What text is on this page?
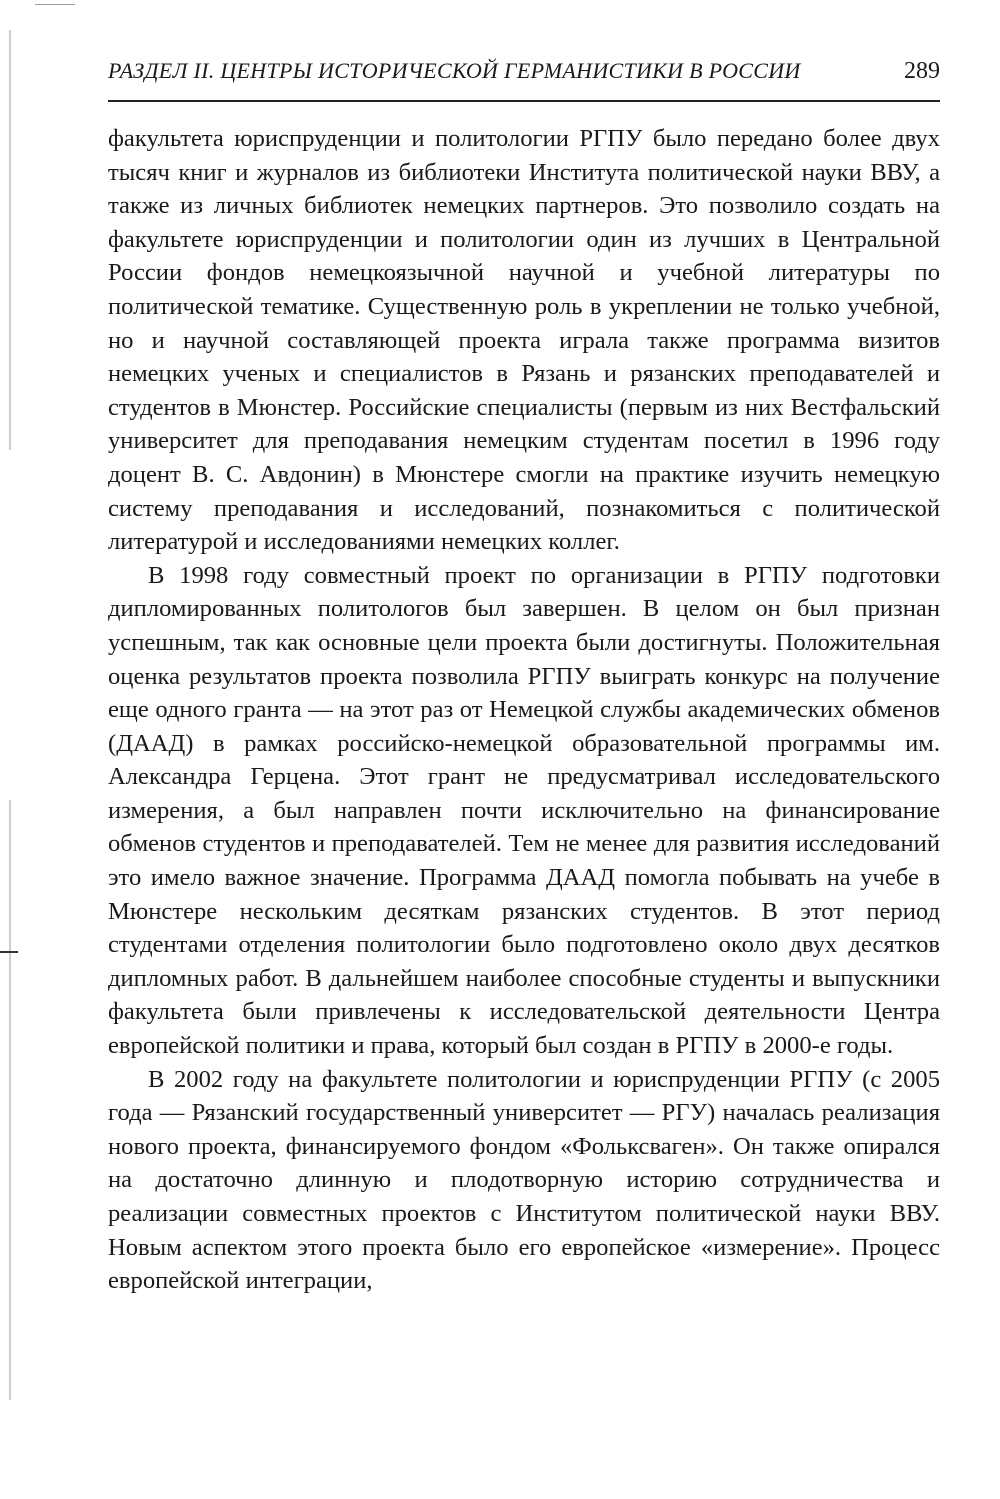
РАЗДЕЛ II. ЦЕНТРЫ ИСТОРИЧЕСКОЙ ГЕРМАНИСТИКИ В РОССИИ	289

факультета юриспруденции и политологии РГПУ было передано более двух тысяч книг и журналов из библиотеки Института политической науки ВВУ, а также из личных библиотек немецких партнеров. Это позволило создать на факультете юриспруденции и политологии один из лучших в Центральной России фондов немецкоязычной научной и учебной литературы по политической тематике. Существенную роль в укреплении не только учебной, но и научной составляющей проекта играла также программа визитов немецких ученых и специалистов в Рязань и рязанских преподавателей и студентов в Мюнстер. Российские специалисты (первым из них Вестфальский университет для преподавания немецким студентам посетил в 1996 году доцент В. С. Авдонин) в Мюнстере смогли на практике изучить немецкую систему преподавания и исследований, познакомиться с политической литературой и исследованиями немецких коллег.

В 1998 году совместный проект по организации в РГПУ подготовки дипломированных политологов был завершен. В целом он был признан успешным, так как основные цели проекта были достигнуты. Положительная оценка результатов проекта позволила РГПУ выиграть конкурс на получение еще одного гранта — на этот раз от Немецкой службы академических обменов (ДААД) в рамках российско-немецкой образовательной программы им. Александра Герцена. Этот грант не предусматривал исследовательского измерения, а был направлен почти исключительно на финансирование обменов студентов и преподавателей. Тем не менее для развития исследований это имело важное значение. Программа ДААД помогла побывать на учебе в Мюнстере нескольким десяткам рязанских студентов. В этот период студентами отделения политологии было подготовлено около двух десятков дипломных работ. В дальнейшем наиболее способные студенты и выпускники факультета были привлечены к исследовательской деятельности Центра европейской политики и права, который был создан в РГПУ в 2000-е годы.

В 2002 году на факультете политологии и юриспруденции РГПУ (с 2005 года — Рязанский государственный университет — РГУ) началась реализация нового проекта, финансируемого фондом «Фольксваген». Он также опирался на достаточно длинную и плодотворную историю сотрудничества и реализации совместных проектов с Институтом политической науки ВВУ. Новым аспектом этого проекта было его европейское «измерение». Процесс европейской интеграции,
